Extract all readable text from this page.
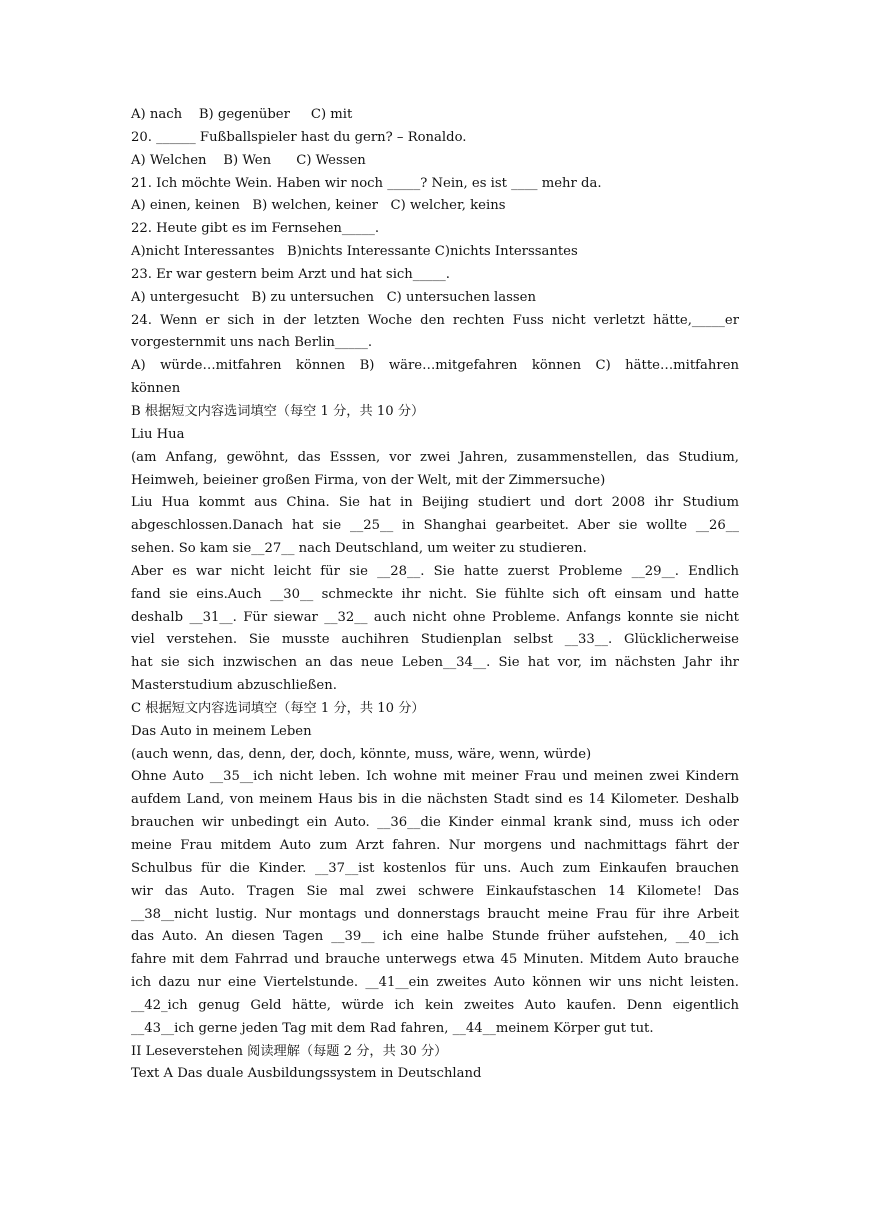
A) nach    B) gegenüber     C) mit
20. ______ Fußballspieler hast du gern? – Ronaldo.
A) Welchen    B) Wen      C) Wessen
21. Ich möchte Wein. Haben wir noch _____? Nein, es ist ____ mehr da.
A) einen, keinen   B) welchen, keiner   C) welcher, keins
22. Heute gibt es im Fernsehen_____.
A)nicht Interessantes   B)nichts Interessante C)nichts Interssantes
23. Er war gestern beim Arzt und hat sich_____.
A) untergesucht   B) zu untersuchen   C) untersuchen lassen
24. Wenn er sich in der letzten Woche den rechten Fuss nicht verletzt hätte,_____er
vorgesternmit uns nach Berlin_____.
A) würde…mitfahren können B) wäre…mitgefahren können C) hätte…mitfahren
können
B 根据短文内容选词填空（每空 1 分，共 10 分）
Liu Hua
(am Anfang, gewöhnt, das Esssen, vor zwei Jahren, zusammenstellen, das Studium,
Heimweh, beieiner großen Firma, von der Welt, mit der Zimmersuche)
Liu Hua kommt aus China. Sie hat in Beijing studiert und dort 2008 ihr Studium
abgeschlossen.Danach hat sie __25__ in Shanghai gearbeitet. Aber sie wollte __26__
sehen. So kam sie__27__ nach Deutschland, um weiter zu studieren.
Aber es war nicht leicht für sie __28__. Sie hatte zuerst Probleme __29__. Endlich
fand sie eins.Auch __30__ schmeckte ihr nicht. Sie fühlte sich oft einsam und hatte
deshalb __31__. Für siewar __32__ auch nicht ohne Probleme. Anfangs konnte sie nicht
viel verstehen. Sie musste auchihren Studienplan selbst __33__. Glücklicherweise
hat sie sich inzwischen an das neue Leben__34__. Sie hat vor, im nächsten Jahr ihr
Masterstudium abzuschließen.
C 根据短文内容选词填空（每空 1 分，共 10 分）
Das Auto in meinem Leben
(auch wenn, das, denn, der, doch, könnte, muss, wäre, wenn, würde)
Ohne Auto __35__ich nicht leben. Ich wohne mit meiner Frau und meinen zwei Kindern
aufdem Land, von meinem Haus bis in die nächsten Stadt sind es 14 Kilometer. Deshalb
brauchen wir unbedingt ein Auto. __36__die Kinder einmal krank sind, muss ich oder
meine Frau mitdem Auto zum Arzt fahren. Nur morgens und nachmittags fährt der
Schulbus für die Kinder. __37__ist kostenlos für uns. Auch zum Einkaufen brauchen
wir das Auto. Tragen Sie mal zwei schwere Einkaufstaschen 14 Kilomete! Das
__38__nicht lustig. Nur montags und donnerstags braucht meine Frau für ihre Arbeit
das Auto. An diesen Tagen __39__ ich eine halbe Stunde früher aufstehen, __40__ich
fahre mit dem Fahrrad und brauche unterwegs etwa 45 Minuten. Mitdem Auto brauche
ich dazu nur eine Viertelstunde. __41__ein zweites Auto können wir uns nicht leisten.
__42_ich genug Geld hätte, würde ich kein zweites Auto kaufen. Denn eigentlich
__43__ich gerne jeden Tag mit dem Rad fahren, __44__meinem Körper gut tut.
II Leseverstehen 阅读理解（每题 2 分，共 30 分）
Text A Das duale Ausbildungssystem in Deutschland
